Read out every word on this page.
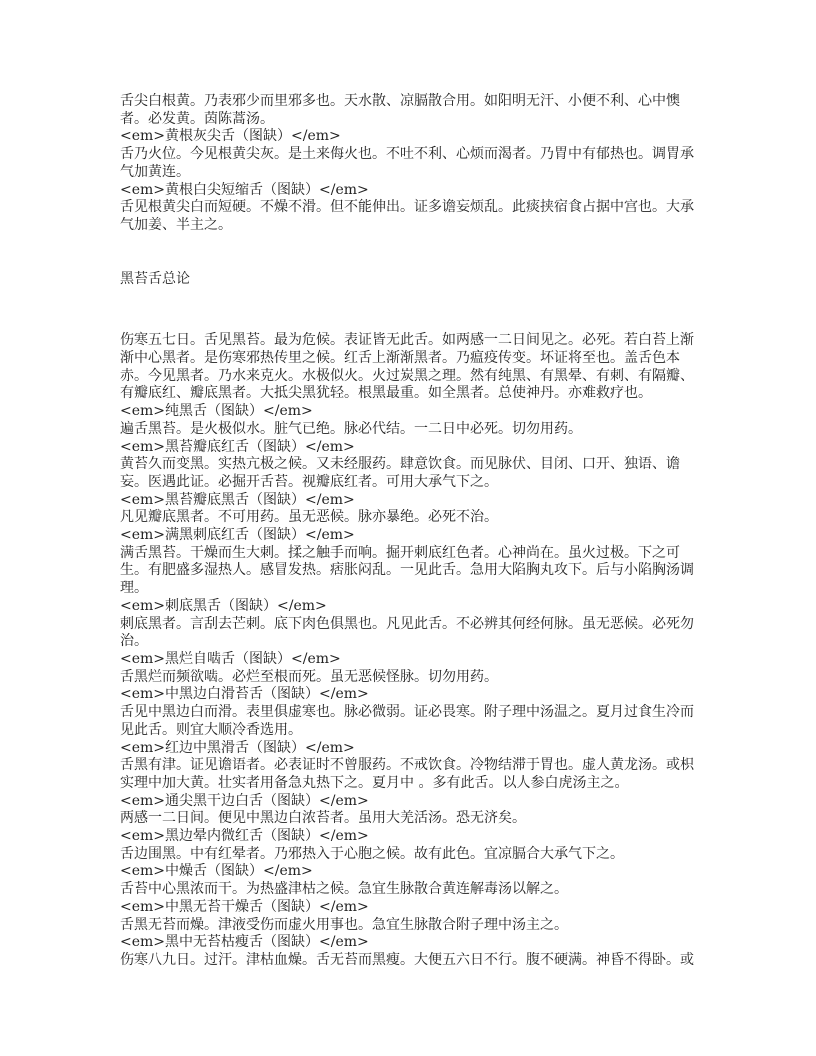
舌尖白根黄。乃表邪少而里邪多也。天水散、凉膈散合用。如阳明无汗、小便不利、心中懊 者。必发黄。茵陈蒿汤。

<em>黄根灰尖舌（图缺）</em>

舌乃火位。今见根黄尖灰。是土来侮火也。不吐不利、心烦而渴者。乃胃中有郁热也。调胃承气加黄连。

<em>黄根白尖短缩舌（图缺）</em>

舌见根黄尖白而短硬。不燥不滑。但不能伸出。证多谵妄烦乱。此痰挟宿食占据中宫也。大承气加姜、半主之。

黑苔舌总论

伤寒五七日。舌见黑苔。最为危候。表证皆无此舌。如两感一二日间见之。必死。若白苔上渐渐中心黑者。是伤寒邪热传里之候。红舌上渐渐黑者。乃瘟疫传变。坏证将至也。盖舌色本赤。今见黑者。乃水来克火。水极似火。火过炭黑之理。然有纯黑、有黑晕、有刺、有隔瓣、有瓣底红、瓣底黑者。大抵尖黑犹轻。根黑最重。如全黑者。总使神丹。亦难救疗也。

<em>纯黑舌（图缺）</em>

遍舌黑苔。是火极似水。脏气已绝。脉必代结。一二日中必死。切勿用药。

<em>黑苔瓣底红舌（图缺）</em>

黄苔久而变黑。实热亢极之候。又未经服药。肆意饮食。而见脉伏、目闭、口开、独语、谵妄。医遇此证。必掘开舌苔。视瓣底红者。可用大承气下之。

<em>黑苔瓣底黑舌（图缺）</em>

凡见瓣底黑者。不可用药。虽无恶候。脉亦暴绝。必死不治。

<em>满黑刺底红舌（图缺）</em>

满舌黑苔。干燥而生大刺。揉之触手而响。掘开刺底红色者。心神尚在。虽火过极。下之可生。有肥盛多湿热人。感冒发热。痞胀闷乱。一见此舌。急用大陷胸丸攻下。后与小陷胸汤调理。

<em>刺底黑舌（图缺）</em>

刺底黑者。言刮去芒刺。底下肉色俱黑也。凡见此舌。不必辨其何经何脉。虽无恶候。必死勿治。

<em>黑烂自啮舌（图缺）</em>

舌黑烂而频欲啮。必烂至根而死。虽无恶候怪脉。切勿用药。

<em>中黑边白滑苔舌（图缺）</em>

舌见中黑边白而滑。表里俱虚寒也。脉必微弱。证必畏寒。附子理中汤温之。夏月过食生冷而见此舌。则宜大顺冷香选用。

<em>红边中黑滑舌（图缺）</em>

舌黑有津。证见谵语者。必表证时不曾服药。不戒饮食。冷物结滞于胃也。虚人黄龙汤。或枳实理中加大黄。壮实者用备急丸热下之。夏月中 。多有此舌。以人参白虎汤主之。

<em>通尖黑干边白舌（图缺）</em>

两感一二日间。便见中黑边白浓苔者。虽用大羌活汤。恐无济矣。

<em>黑边晕内微红舌（图缺）</em>

舌边围黑。中有红晕者。乃邪热入于心胞之候。故有此色。宜凉膈合大承气下之。

<em>中燥舌（图缺）</em>

舌苔中心黑浓而干。为热盛津枯之候。急宜生脉散合黄连解毒汤以解之。

<em>中黑无苔干燥舌（图缺）</em>

舌黑无苔而燥。津液受伤而虚火用事也。急宜生脉散合附子理中汤主之。

<em>黑中无苔枯瘦舌（图缺）</em>

伤寒八九日。过汗。津枯血燥。舌无苔而黑瘦。大便五六日不行。腹不硬满。神昏不得卧。或
